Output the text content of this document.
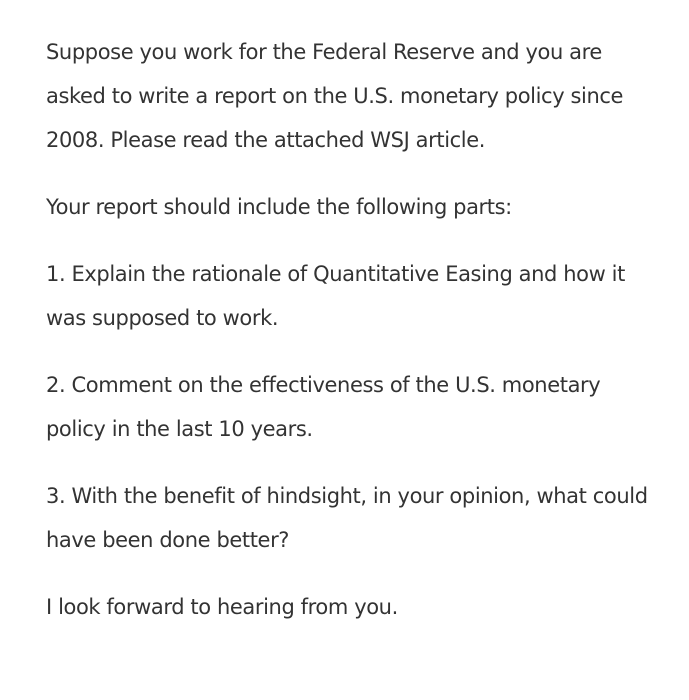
Suppose you work for the Federal Reserve and you are asked to write a report on the U.S. monetary policy since 2008. Please read the attached WSJ article.

Your report should include the following parts:

1. Explain the rationale of Quantitative Easing and how it was supposed to work.

2. Comment on the effectiveness of the U.S. monetary policy in the last 10 years.

3. With the benefit of hindsight, in your opinion, what could have been done better?

I look forward to hearing from you.
